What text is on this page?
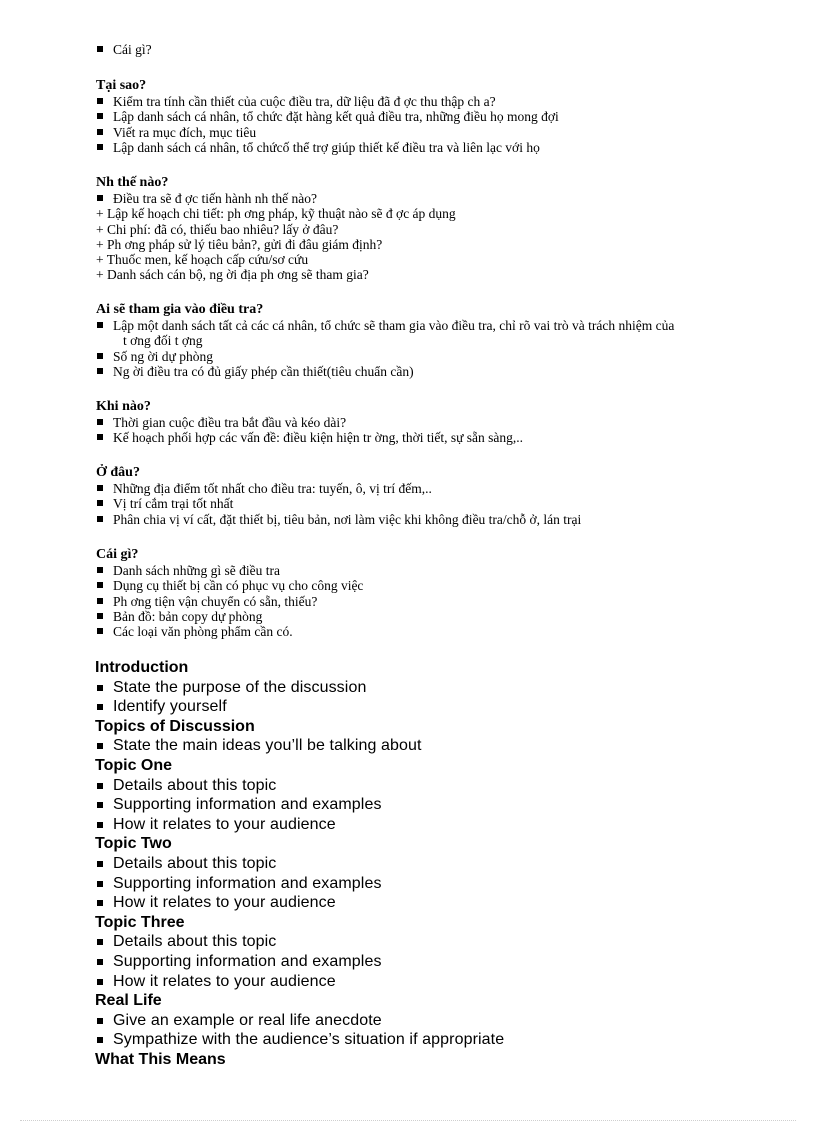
Cái gì?

Tại sao?

Kiểm tra tính cần thiết của cuộc điều tra, dữ liệu đã đ ợc thu thập ch a?
Lập danh sách cá nhân, tổ chức đặt hàng kết quả điều tra, những điều họ mong đợi
Viết ra mục đích, mục tiêu
Lập danh sách cá nhân, tổ chứcố thể trợ giúp thiết kế điều tra và liên lạc với họ

Nh thế nào?

Điều tra sẽ đ ợc tiến hành nh thế nào?
+ Lập kế hoạch chi tiết: ph ơng pháp, kỹ thuật nào sẽ đ ợc áp dụng
+ Chi phí: đã có, thiếu bao nhiêu? lấy ở đâu?
+ Ph ơng pháp sử lý tiêu bản?, gửi đi đâu giám định?
+ Thuốc men, kế hoạch cấp cứu/sơ cứu
+ Danh sách cán bộ, ng ời địa ph ơng sẽ tham gia?

Ai sẽ tham gia vào điều tra?

Lập một danh sách tất cả các cá nhân, tổ chức sẽ tham gia vào điều tra, chỉ rõ vai trò và trách nhiệm của
t ơng đối t ợng
Số ng ời dự phòng
Ng ời điều tra có đủ giấy phép cần thiết(tiêu chuẩn cần)

Khi nào?

Thời gian cuộc điều tra bắt đầu và kéo dài?
Kế hoạch phối hợp các vấn đề: điều kiện hiện tr ờng, thời tiết, sự sẵn sàng,..

Ở đâu?

Những địa điểm tốt nhất cho điều tra: tuyến, ô, vị trí đếm,..
Vị trí cắm trại tốt nhất
Phân chia vị ví cất, đặt thiết bị, tiêu bản, nơi làm việc khi không điều tra/chỗ ở, lán trại

Cái gì?

Danh sách những gì sẽ điều tra
Dụng cụ thiết bị cần có phục vụ cho công việc
Ph ơng tiện vận chuyển có sẵn, thiếu?
Bản đồ: bản copy dự phòng
Các loại văn phòng phẩm cần có.

Introduction

State the purpose of the discussion
Identify yourself

Topics of Discussion

State the main ideas you’ll be talking about

Topic One

Details about this topic
Supporting information and examples
How it relates to your audience

Topic Two

Details about this topic
Supporting information and examples
How it relates to your audience

Topic Three

Details about this topic
Supporting information and examples
How it relates to your audience

Real Life

Give an example or real life anecdote
Sympathize with the audience’s situation if appropriate

What This Means
